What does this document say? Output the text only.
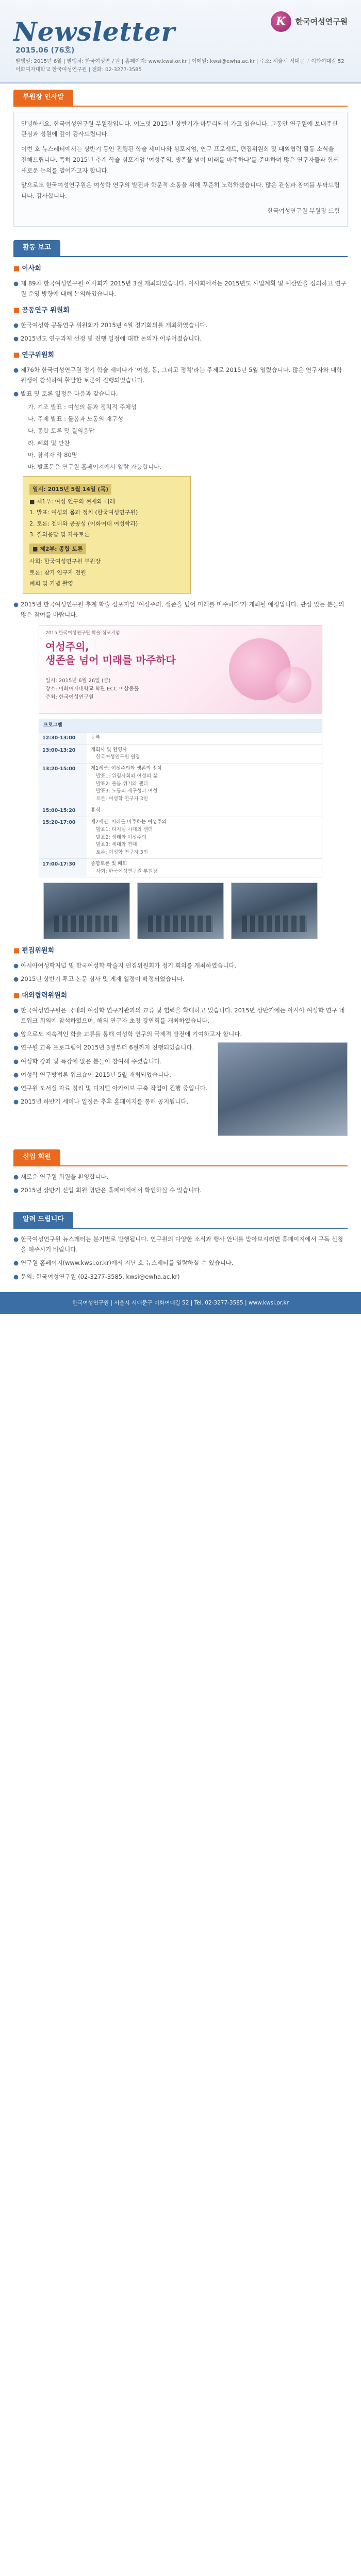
Newsletter
2015.06 (76호)
발행일: 2015년 6월 | 발행처: 한국여성연구원 | 홈페이지: www.kwsi.or.kr | 이메일: kwsi@ewha.ac.kr | 주소: 서울시 서대문구 이화여대길 52 이화여자대학교 한국여성연구원 | 전화: 02-3277-3585
K	한국여성연구원
부원장 인사말

안녕하세요. 한국여성연구원 부원장입니다. 어느덧 2015년 상반기가 마무리되어 가고 있습니다. 그동안 연구원에 보내주신 관심과 성원에 깊이 감사드립니다.

이번 호 뉴스레터에서는 상반기 동안 진행된 학술 세미나와 심포지엄, 연구 프로젝트, 편집위원회 및 대외협력 활동 소식을 전해드립니다. 특히 2015년 추계 학술 심포지엄 '여성주의, 생존을 넘어 미래를 마주하다'를 준비하며 많은 연구자들과 함께 새로운 논의를 열어가고자 합니다.

앞으로도 한국여성연구원은 여성학 연구의 발전과 학문적 소통을 위해 꾸준히 노력하겠습니다. 많은 관심과 참여를 부탁드립니다. 감사합니다.

한국여성연구원 부원장 드림

활동 보고
■ 이사회

● 제 89차 한국여성연구원 이사회가 2015년 3월 개최되었습니다. 이사회에서는 2015년도 사업계획 및 예산안을 심의하고 연구원 운영 방향에 대해 논의하였습니다.

■ 공동연구 위원회

● 한국여성학 공동연구 위원회가 2015년 4월 정기회의를 개최하였습니다.

● 2015년도 연구과제 선정 및 진행 일정에 대한 논의가 이루어졌습니다.

■ 연구위원회

● 제76차 한국여성연구원 정기 학술 세미나가 '여성, 몸, 그리고 정치'라는 주제로 2015년 5월 열렸습니다. 많은 연구자와 대학원생이 참석하여 활발한 토론이 진행되었습니다.

● 발표 및 토론 일정은 다음과 같습니다.

가. 기조 발표 : 여성의 몸과 정치적 주체성

나. 주제 발표 : 돌봄과 노동의 재구성

다. 종합 토론 및 질의응답

라. 폐회 및 만찬

마. 참석자 약 80명

바. 발표문은 연구원 홈페이지에서 열람 가능합니다.

일시: 2015년 5월 14일 (목)

■ 제1부: 여성 연구의 현재와 미래

1. 발표: 여성의 몸과 정치 (한국여성연구원)

2. 토론: 젠더와 공공성 (이화여대 여성학과)

3. 질의응답 및 자유토론

■ 제2부: 종합 토론

사회: 한국여성연구원 부원장

토론: 참가 연구자 전원

폐회 및 기념 촬영

● 2015년 한국여성연구원 추계 학술 심포지엄 '여성주의, 생존을 넘어 미래를 마주하다'가 개최될 예정입니다. 관심 있는 분들의 많은 참여를 바랍니다.

2015 한국여성연구원 학술 심포지엄
여성주의,
생존을 넘어 미래를 마주하다
일시: 2015년 6월 26일 (금)
장소: 이화여자대학교 학관 ECC 이삼봉홀
주최: 한국여성연구원
프로그램
12:30-13:00	등록

13:00-13:20	개회사 및 환영사

한국여성연구원 원장

13:20-15:00	제1세션: 여성주의와 생존의 정치

발표1: 위험사회와 여성의 삶

발표2: 돌봄 위기와 젠더

발표3: 노동의 재구성과 여성

토론: 여성학 연구자 3인

15:00-15:20	휴식

15:20-17:00	제2세션: 미래를 마주하는 여성주의

발표1: 디지털 시대의 젠더

발표2: 생태와 여성주의

발표3: 세대와 연대

토론: 여성학 연구자 3인

17:00-17:30	종합토론 및 폐회

사회: 한국여성연구원 부원장

■ 편집위원회

● 아시아여성학저널 및 한국여성학 학술지 편집위원회가 정기 회의를 개최하였습니다.

● 2015년 상반기 투고 논문 심사 및 게재 일정이 확정되었습니다.

■ 대외협력위원회

● 한국여성연구원은 국내외 여성학 연구기관과의 교류 및 협력을 확대하고 있습니다. 2015년 상반기에는 아시아 여성학 연구 네트워크 회의에 참석하였으며, 해외 연구자 초청 강연회를 개최하였습니다.

● 앞으로도 지속적인 학술 교류를 통해 여성학 연구의 국제적 발전에 기여하고자 합니다.

● 연구원 교육 프로그램이 2015년 3월부터 6월까지 진행되었습니다.

● 여성학 강좌 및 특강에 많은 분들이 참여해 주셨습니다.

● 여성학 연구방법론 워크숍이 2015년 5월 개최되었습니다.

● 연구원 도서실 자료 정리 및 디지털 아카이브 구축 작업이 진행 중입니다.

● 2015년 하반기 세미나 일정은 추후 홈페이지를 통해 공지됩니다.

신입 회원

● 새로운 연구원 회원을 환영합니다.

● 2015년 상반기 신입 회원 명단은 홈페이지에서 확인하실 수 있습니다.

알려 드립니다

● 한국여성연구원 뉴스레터는 분기별로 발행됩니다. 연구원의 다양한 소식과 행사 안내를 받아보시려면 홈페이지에서 구독 신청을 해주시기 바랍니다.

● 연구원 홈페이지(www.kwsi.or.kr)에서 지난 호 뉴스레터를 열람하실 수 있습니다.

● 문의: 한국여성연구원 (02-3277-3585, kwsi@ewha.ac.kr)

한국여성연구원 | 서울시 서대문구 이화여대길 52 | Tel. 02-3277-3585 | www.kwsi.or.kr
